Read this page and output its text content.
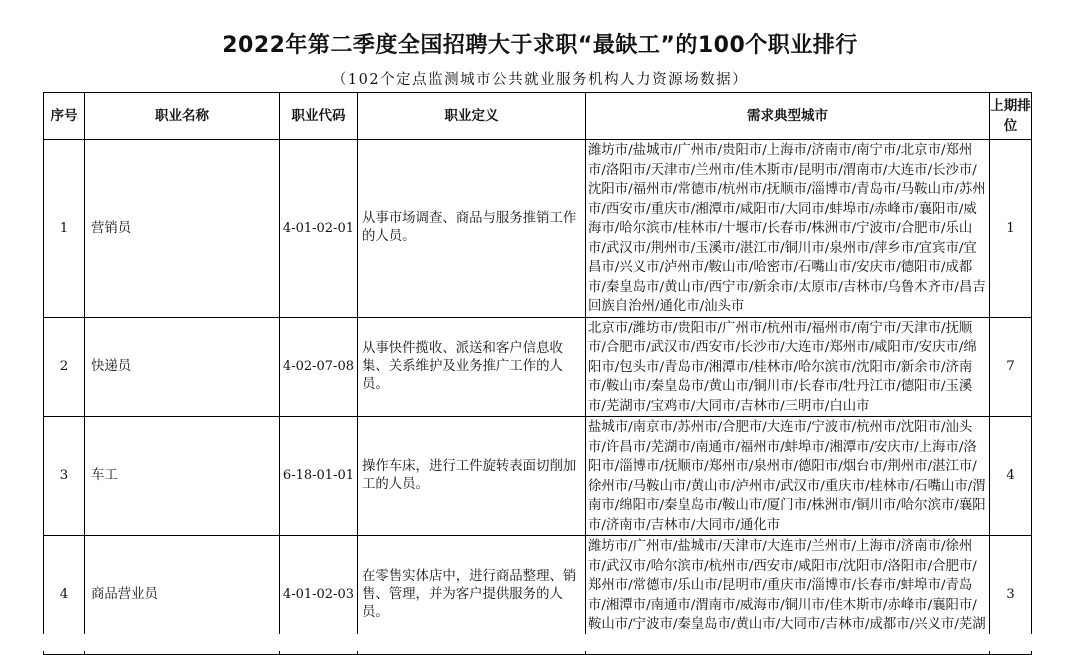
2022年第二季度全国招聘大于求职“最缺工”的100个职业排行
（102个定点监测城市公共就业服务机构人力资源场数据）
序号	职业名称	职业代码	职业定义	需求典型城市	上期排位
1	营销员	4-01-02-01	从事市场调查、商品与服务推销工作的人员。	潍坊市/盐城市/广州市/贵阳市/上海市/济南市/南宁市/北京市/郑州市/洛阳市/天津市/兰州市/佳木斯市/昆明市/渭南市/大连市/长沙市/沈阳市/福州市/常德市/杭州市/抚顺市/淄博市/青岛市/马鞍山市/苏州市/西安市/重庆市/湘潭市/咸阳市/大同市/蚌埠市/赤峰市/襄阳市/威海市/哈尔滨市/桂林市/十堰市/长春市/株洲市/宁波市/合肥市/乐山市/武汉市/荆州市/玉溪市/湛江市/铜川市/泉州市/萍乡市/宜宾市/宜昌市/兴义市/泸州市/鞍山市/哈密市/石嘴山市/安庆市/德阳市/成都市/秦皇岛市/黄山市/西宁市/新余市/太原市/吉林市/乌鲁木齐市/昌吉回族自治州/通化市/汕头市	1
2	快递员	4-02-07-08	从事快件揽收、派送和客户信息收集、关系维护及业务推广工作的人员。	北京市/潍坊市/贵阳市/广州市/杭州市/福州市/南宁市/天津市/抚顺市/合肥市/武汉市/西安市/长沙市/大连市/郑州市/咸阳市/安庆市/绵阳市/包头市/青岛市/湘潭市/桂林市/哈尔滨市/沈阳市/新余市/济南市/鞍山市/秦皇岛市/黄山市/铜川市/长春市/牡丹江市/德阳市/玉溪市/芜湖市/宝鸡市/大同市/吉林市/三明市/白山市	7
3	车工	6-18-01-01	操作车床，进行工件旋转表面切削加工的人员。	盐城市/南京市/苏州市/合肥市/大连市/宁波市/杭州市/沈阳市/汕头市/许昌市/芜湖市/南通市/福州市/蚌埠市/湘潭市/安庆市/上海市/洛阳市/淄博市/抚顺市/郑州市/泉州市/德阳市/烟台市/荆州市/湛江市/徐州市/马鞍山市/黄山市/泸州市/武汉市/重庆市/桂林市/石嘴山市/渭南市/绵阳市/秦皇岛市/鞍山市/厦门市/株洲市/铜川市/哈尔滨市/襄阳市/济南市/吉林市/大同市/通化市	4
4	商品营业员	4-01-02-03	在零售实体店中，进行商品整理、销售、管理，并为客户提供服务的人员。	潍坊市/广州市/盐城市/天津市/大连市/兰州市/上海市/济南市/徐州市/武汉市/哈尔滨市/杭州市/西安市/咸阳市/沈阳市/洛阳市/合肥市/郑州市/常德市/乐山市/昆明市/重庆市/淄博市/长春市/蚌埠市/青岛市/湘潭市/南通市/渭南市/威海市/铜川市/佳木斯市/赤峰市/襄阳市/鞍山市/宁波市/秦皇岛市/黄山市/大同市/吉林市/成都市/兴义市/芜湖	3
